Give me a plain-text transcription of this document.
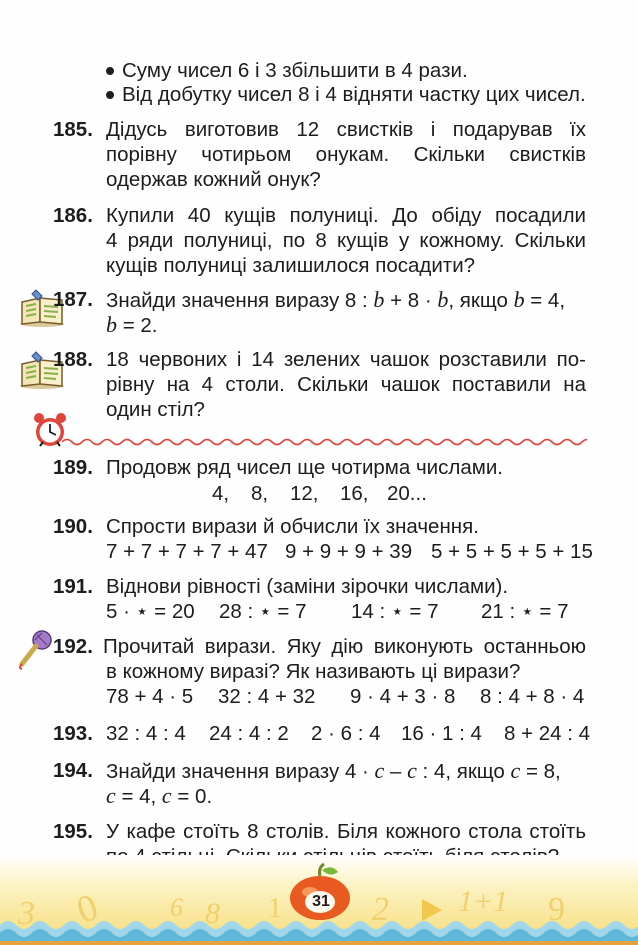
Суму чисел 6 і 3 збільшити в 4 рази.
Від добутку чисел 8 і 4 відняти частку цих чисел.
185. Дідусь виготовив 12 свистків і подарував їх
порівну чотирьом онукам. Скільки свистків
одержав кожний онук?
186. Купили 40 кущів полуниці. До обіду посадили
4 ряди полуниці, по 8 кущів у кожному. Скільки
кущів полуниці залишилося посадити?
187. Знайди значення виразу 8 : b + 8 · b, якщо b = 4,
b = 2.
188. 18 червоних і 14 зелених чашок розставили по-
рівну на 4 столи. Скільки чашок поставили на
один стіл?
189. Продовж ряд чисел ще чотирма числами.
4, 8, 12, 16, 20...
190. Спрости вирази й обчисли їх значення.
7 + 7 + 7 + 7 + 47 9 + 9 + 9 + 39 5 + 5 + 5 + 5 + 15
191. Віднови рівності (заміни зірочки числами).
5 · ⋆ = 20 28 : ⋆ = 7 14 : ⋆ = 7 21 : ⋆ = 7
192. Прочитай вирази. Яку дію виконують останньою
в кожному виразі? Як називають ці вирази?
78 + 4 · 5 32 : 4 + 32 9 · 4 + 3 · 8 8 : 4 + 8 · 4
193. 32 : 4 : 4 24 : 4 : 2 2 · 6 : 4 16 · 1 : 4 8 + 24 : 4
194. Знайди значення виразу 4 · c – c : 4, якщо c = 8,
c = 4, c = 0.
195. У кафе стоїть 8 столів. Біля кожного стола стоїть
3 0	6 8 1	2 1+1 9
31
